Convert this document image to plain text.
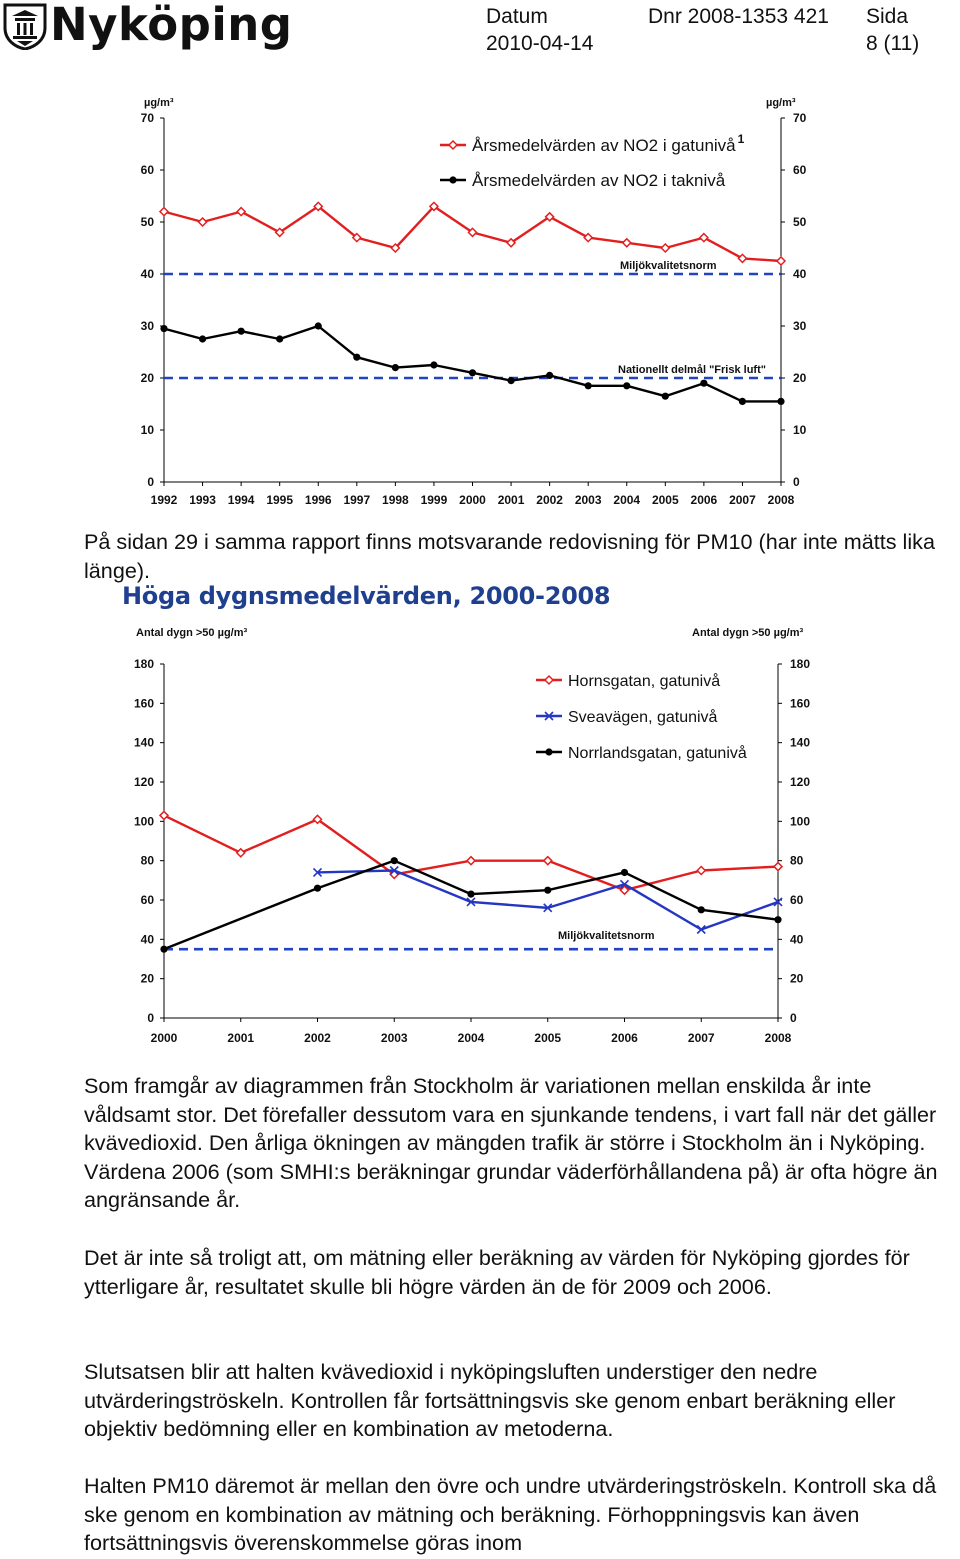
Nyköping	Datum
2010-04-14
Dnr 2008-1353 421 Sida
8 (11)
µg/m³	µg/m³
0	0
10	10
20	20
30	30
40	40
50	50
60	60
70	70
1992 1993 1994 1995 1996 1997 1998 1999 2000 2001 2002 2003 2004 2005 2006 2007 2008
Miljökvalitetsnorm
Nationellt delmål "Frisk luft"
Årsmedelvärden av NO2 i gatunivå 1
Årsmedelvärden av NO2 i taknivå

På sidan 29 i samma rapport finns motsvarande redovisning för PM10 (har inte mätts lika länge).

Höga dygnsmedelvärden, 2000-2008
Antal dygn >50 µg/m³	Antal dygn >50 µg/m³
0	0
20	20
40	40
60	60
80	80
100	100
120	120
140	140
160	160
180	180
2000	2001	2002	2003	2004	2005	2006	2007	2008
Miljökvalitetsnorm
Hornsgatan, gatunivå
Sveavägen, gatunivå
Norrlandsgatan, gatunivå

Som framgår av diagrammen från Stockholm är variationen mellan enskilda år inte våldsamt stor. Det förefaller dessutom vara en sjunkande tendens, i vart fall när det gäller kvävedioxid. Den årliga ökningen av mängden trafik är större i Stockholm än i Nyköping. Värdena 2006 (som SMHI:s beräkningar grundar väderförhållandena på) är ofta högre än angränsande år.

Det är inte så troligt att, om mätning eller beräkning av värden för Nyköping gjordes för ytterligare år, resultatet skulle bli högre värden än de för 2009 och 2006.

Slutsatsen blir att halten kvävedioxid i nyköpingsluften understiger den nedre utvärderingströskeln. Kontrollen får fortsättningsvis ske genom enbart beräkning eller objektiv bedömning eller en kombination av metoderna.

Halten PM10 däremot är mellan den övre och undre utvärderingströskeln. Kontroll ska då ske genom en kombination av mätning och beräkning. Förhoppningsvis kan även fortsättningsvis överenskommelse göras inom
